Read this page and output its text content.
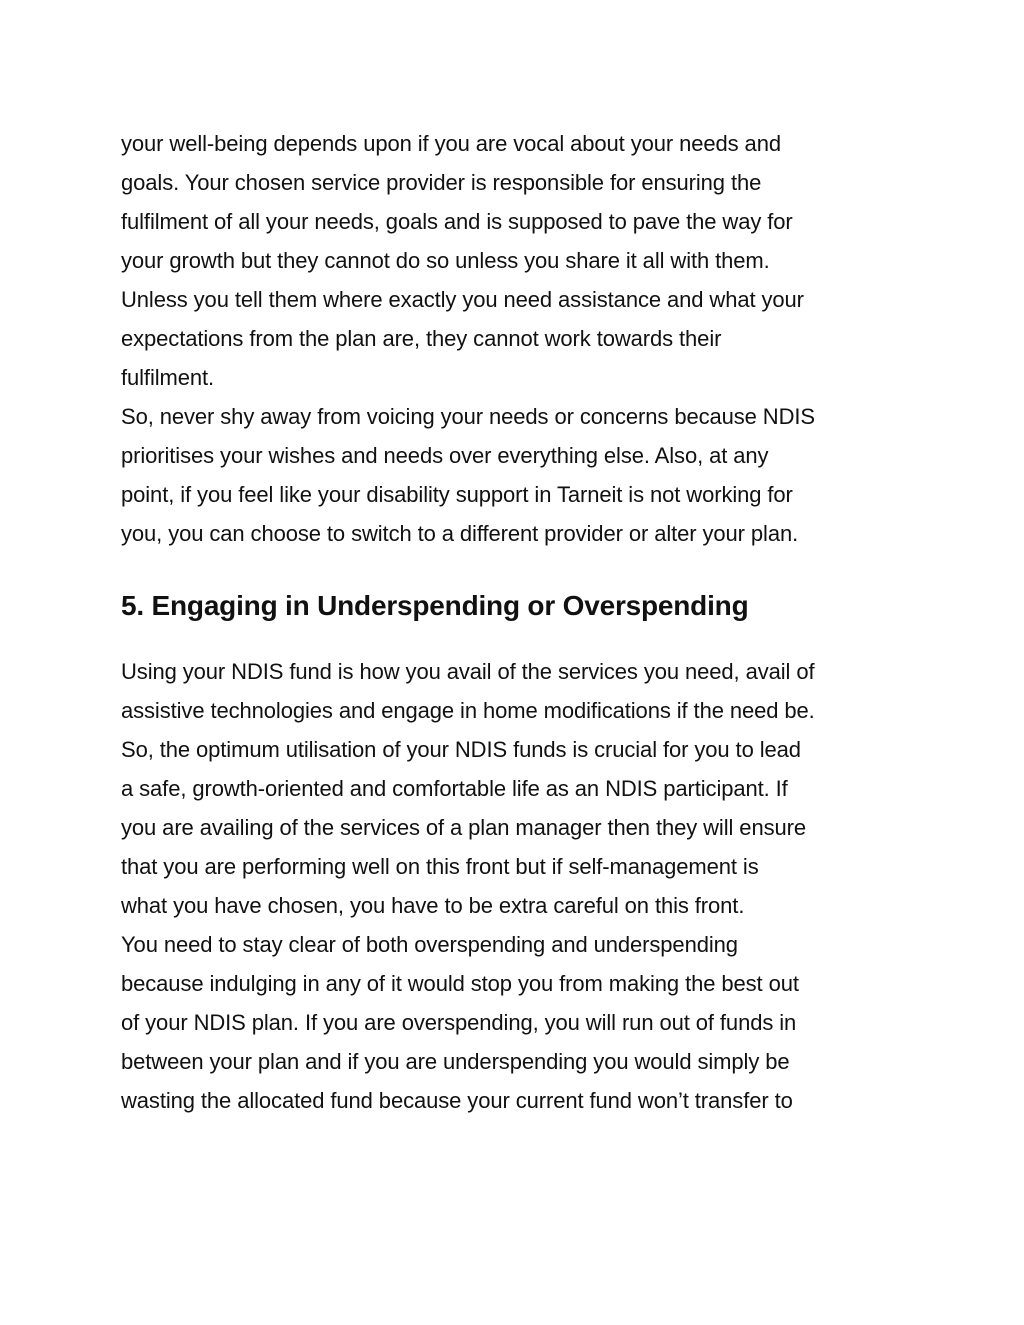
your well-being depends upon if you are vocal about your needs and
goals. Your chosen service provider is responsible for ensuring the
fulfilment of all your needs, goals and is supposed to pave the way for
your growth but they cannot do so unless you share it all with them.
Unless you tell them where exactly you need assistance and what your
expectations from the plan are, they cannot work towards their
fulfilment.

So, never shy away from voicing your needs or concerns because NDIS
prioritises your wishes and needs over everything else. Also, at any
point, if you feel like your disability support in Tarneit is not working for
you, you can choose to switch to a different provider or alter your plan.

5. Engaging in Underspending or Overspending

Using your NDIS fund is how you avail of the services you need, avail of
assistive technologies and engage in home modifications if the need be.
So, the optimum utilisation of your NDIS funds is crucial for you to lead
a safe, growth-oriented and comfortable life as an NDIS participant. If
you are availing of the services of a plan manager then they will ensure
that you are performing well on this front but if self-management is
what you have chosen, you have to be extra careful on this front.

You need to stay clear of both overspending and underspending
because indulging in any of it would stop you from making the best out
of your NDIS plan. If you are overspending, you will run out of funds in
between your plan and if you are underspending you would simply be
wasting the allocated fund because your current fund won’t transfer to
